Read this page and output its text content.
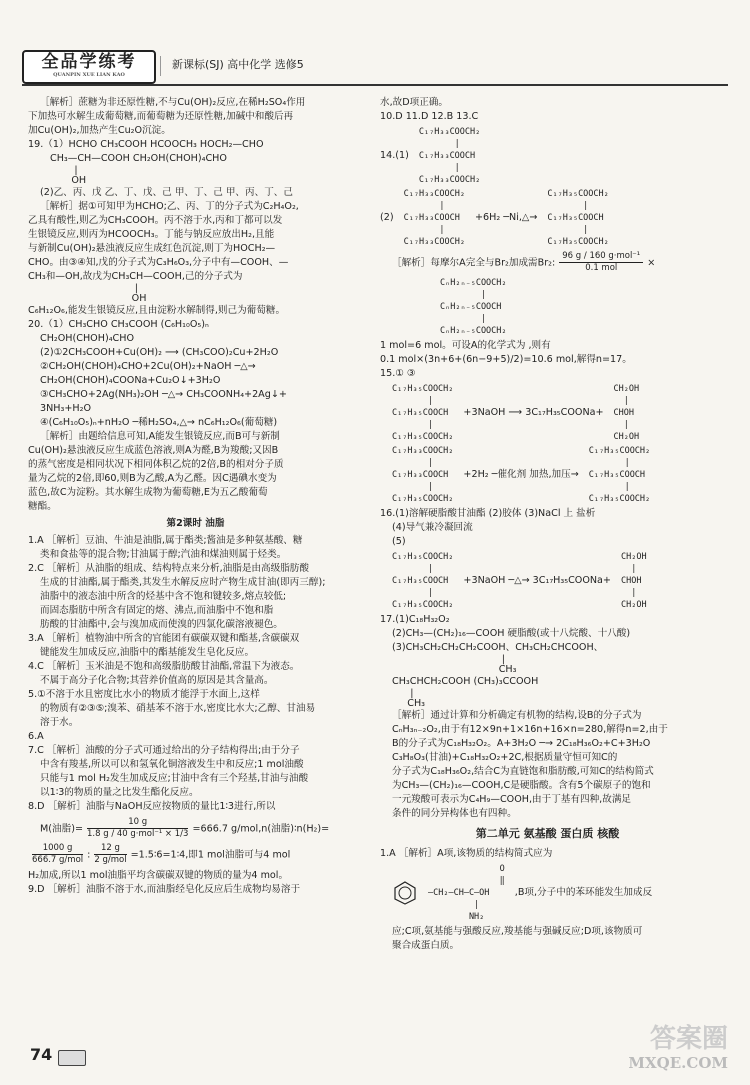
全品学练考
QUANPIN XUE LIAN KAO
新课标(SJ) 高中化学 选修5

［解析］蔗糖为非还原性糖,不与Cu(OH)₂反应,在稀H₂SO₄作用

下加热可水解生成葡萄糖,而葡萄糖为还原性糖,加碱中和酸后再

加Cu(OH)₂,加热产生Cu₂O沉淀。

19.（1）HCHO CH₃COOH HCOOCH₃ HOCH₂—CHO

CH₃—CH—COOH CH₂OH(CHOH)₄CHO

|

OH

(2)乙、丙、戊 乙、丁、戊、己 甲、丁、己 甲、丙、丁、己

［解析］据①可知甲为HCHO;乙、丙、丁的分子式为C₂H₄O₂,

乙具有酸性,则乙为CH₃COOH。丙不溶于水,丙和丁都可以发

生银镜反应,则丙为HCOOCH₃。丁能与钠反应放出H₂,且能

与新制Cu(OH)₂悬浊液反应生成红色沉淀,则丁为HOCH₂—

CHO。由③④知,戊的分子式为C₃H₆O₃,分子中有—COOH、—

CH₃和—OH,故戊为CH₃CH—COOH,己的分子式为

|

OH

C₆H₁₂O₆,能发生银镜反应,且由淀粉水解制得,则己为葡萄糖。

20.（1）CH₃CHO CH₃COOH (C₆H₁₀O₅)ₙ

CH₂OH(CHOH)₄CHO

(2)①2CH₃COOH+Cu(OH)₂ ⟶ (CH₃COO)₂Cu+2H₂O

②CH₂OH(CHOH)₄CHO+2Cu(OH)₂+NaOH ─△→

CH₂OH(CHOH)₄COONa+Cu₂O↓+3H₂O

③CH₃CHO+2Ag(NH₃)₂OH ─△→ CH₃COONH₄+2Ag↓+

3NH₃+H₂O

④(C₆H₁₀O₅)ₙ+nH₂O ─稀H₂SO₄,△→ nC₆H₁₂O₆(葡萄糖)

［解析］由题给信息可知,A能发生银镜反应,而B可与新制

Cu(OH)₂悬浊液反应生成蓝色溶液,则A为醛,B为羧酸;又因B

的蒸气密度是相同状况下相同体积乙烷的2倍,B的相对分子质

量为乙烷的2倍,即60,则B为乙酸,A为乙醛。因C遇碘水变为

蓝色,故C为淀粉。其水解生成物为葡萄糖,E为五乙酸葡萄

糖酯。

第2课时 油脂

1.A ［解析］豆油、牛油是油脂,属于酯类;酱油是多种氨基酸、糖

类和食盐等的混合物;甘油属于醇;汽油和煤油则属于烃类。

2.C ［解析］从油脂的组成、结构特点来分析,油脂是由高级脂肪酸

生成的甘油酯,属于酯类,其发生水解反应时产物生成甘油(即丙三醇);

油脂中的液态油中所含的烃基中含不饱和键较多,熔点较低;

而固态脂肪中所含有固定的熔、沸点,而油脂中不饱和脂

肪酸的甘油酯中,会与溴加成而使溴的四氯化碳溶液褪色。

3.A ［解析］植物油中所含的官能团有碳碳双键和酯基,含碳碳双

键能发生加成反应,油脂中的酯基能发生皂化反应。

4.C ［解析］玉米油是不饱和高级脂肪酸甘油酯,常温下为液态。

不属于高分子化合物;其营养价值高的原因是其含量高。

5.①不溶于水且密度比水小的物质才能浮于水面上,这样

的物质有②③⑤;溴苯、硝基苯不溶于水,密度比水大;乙醇、甘油易

溶于水。

6.A

7.C ［解析］油酸的分子式可通过给出的分子结构得出;由于分子

中含有羧基,所以可以和氢氧化铜溶液发生中和反应;1 mol油酸

只能与1 mol H₂发生加成反应;甘油中含有三个羟基,甘油与油酸

以1∶3的物质的量之比发生酯化反应。

8.D ［解析］油脂与NaOH反应按物质的量比1∶3进行,所以

M(油脂)= $\frac{10 g}{\text{1.8 g / 40 g·mol⁻¹ × 1/3}} =666.7$ g/mol,n(油脂)∶n(H₂)=

$\frac{1000 g}{\text{666.7 g/mol}}$ : $\frac{12 g}{\text{2 g/mol}}$ =1.5∶6=1∶4,即1 mol油脂可与4 mol

H₂加成,所以1 mol油脂平均含碳碳双键的物质的量为4 mol。

9.D ［解析］油脂不溶于水,而油脂经皂化反应后生成物均易溶于

水,故D项正确。

10.D 11.D 12.B 13.C

14.(1)
C₁₇H₃₃COOCH₂
|
C₁₇H₃₃COOCH
|
C₁₇H₃₃COOCH₂
(2)
C₁₇H₃₃COOCH₂
|
C₁₇H₃₃COOCH
|
C₁₇H₃₃COOCH₂
+6H₂ ─Ni,△→
C₁₇H₃₅COOCH₂
|
C₁₇H₃₅COOCH
|
C₁₇H₃₅COOCH₂

［解析］每摩尔A完全与Br₂加成需Br₂: $\frac{\text{96 g / 160 g·mol⁻¹}}{\text{0.1 mol}}$ ×

CₙH₂ₙ₋₅COOCH₂
|
CₙH₂ₙ₋₅COOCH
|
CₙH₂ₙ₋₅COOCH₂

1 mol=6 mol。可设A的化学式为 ,则有

0.1 mol×(3n+6+(6n−9+5)/2)=10.6 mol,解得n=17。

15.① ③

C₁₇H₃₅COOCH₂
|
C₁₇H₃₅COOCH
|
C₁₇H₃₅COOCH₂
+3NaOH ⟶ 3C₁₇H₃₅COONa+
CH₂OH
|
CHOH
|
CH₂OH
C₁₇H₃₃COOCH₂
|
C₁₇H₃₃COOCH
|
C₁₇H₃₅COOCH₂
+2H₂ ─催化剂 加热,加压→
C₁₇H₃₅COOCH₂
|
C₁₇H₃₅COOCH
|
C₁₇H₃₅COOCH₂

16.(1)溶解硬脂酸甘油酯 (2)胶体 (3)NaCl 上 盐析

(4)导气兼冷凝回流

(5)

C₁₇H₃₅COOCH₂
|
C₁₇H₃₅COOCH
|
C₁₇H₃₅COOCH₂
+3NaOH ─△→ 3C₁₇H₃₅COONa+
CH₂OH
|
CHOH
|
CH₂OH

17.(1)C₁₈H₃₂O₂

(2)CH₃—(CH₂)₁₆—COOH 硬脂酸(或十八烷酸、十八酸)

(3)CH₃CH₂CH₂CH₂COOH、CH₃CH₂CHCOOH、

|

CH₃

CH₃CHCH₂COOH (CH₃)₃CCOOH

|

CH₃

［解析］通过计算和分析确定有机物的结构,设B的分子式为

CₙH₃ₙ₋₂O₂,由于有12×9n+1×16n+16×n=280,解得n=2,由于

B的分子式为C₁₈H₃₂O₂。A+3H₂O ─→ 2C₁₈H₃₆O₂+C+3H₂O

C₃H₈O₃(甘油)+C₁₈H₃₂O₂+2C,根据质量守恒可知C的

分子式为C₁₈H₃₆O₂,结合C为直链饱和脂肪酸,可知C的结构简式

为CH₃—(CH₂)₁₆—COOH,C是硬脂酸。含有5个碳原子的饱和

一元羧酸可表示为C₄H₉—COOH,由于丁基有四种,故满足

条件的同分异构体也有四种。

第二单元 氨基酸 蛋白质 核酸

1.A ［解析］A项,该物质的结构简式应为

O
‖
—CH₂—CH—C—OH
|
NH₂
,B项,分子中的苯环能发生加成反

应;C项,氨基能与强酸反应,羧基能与强碱反应;D项,该物质可

聚合成蛋白质。

74
答案圈
MXQE.COM
